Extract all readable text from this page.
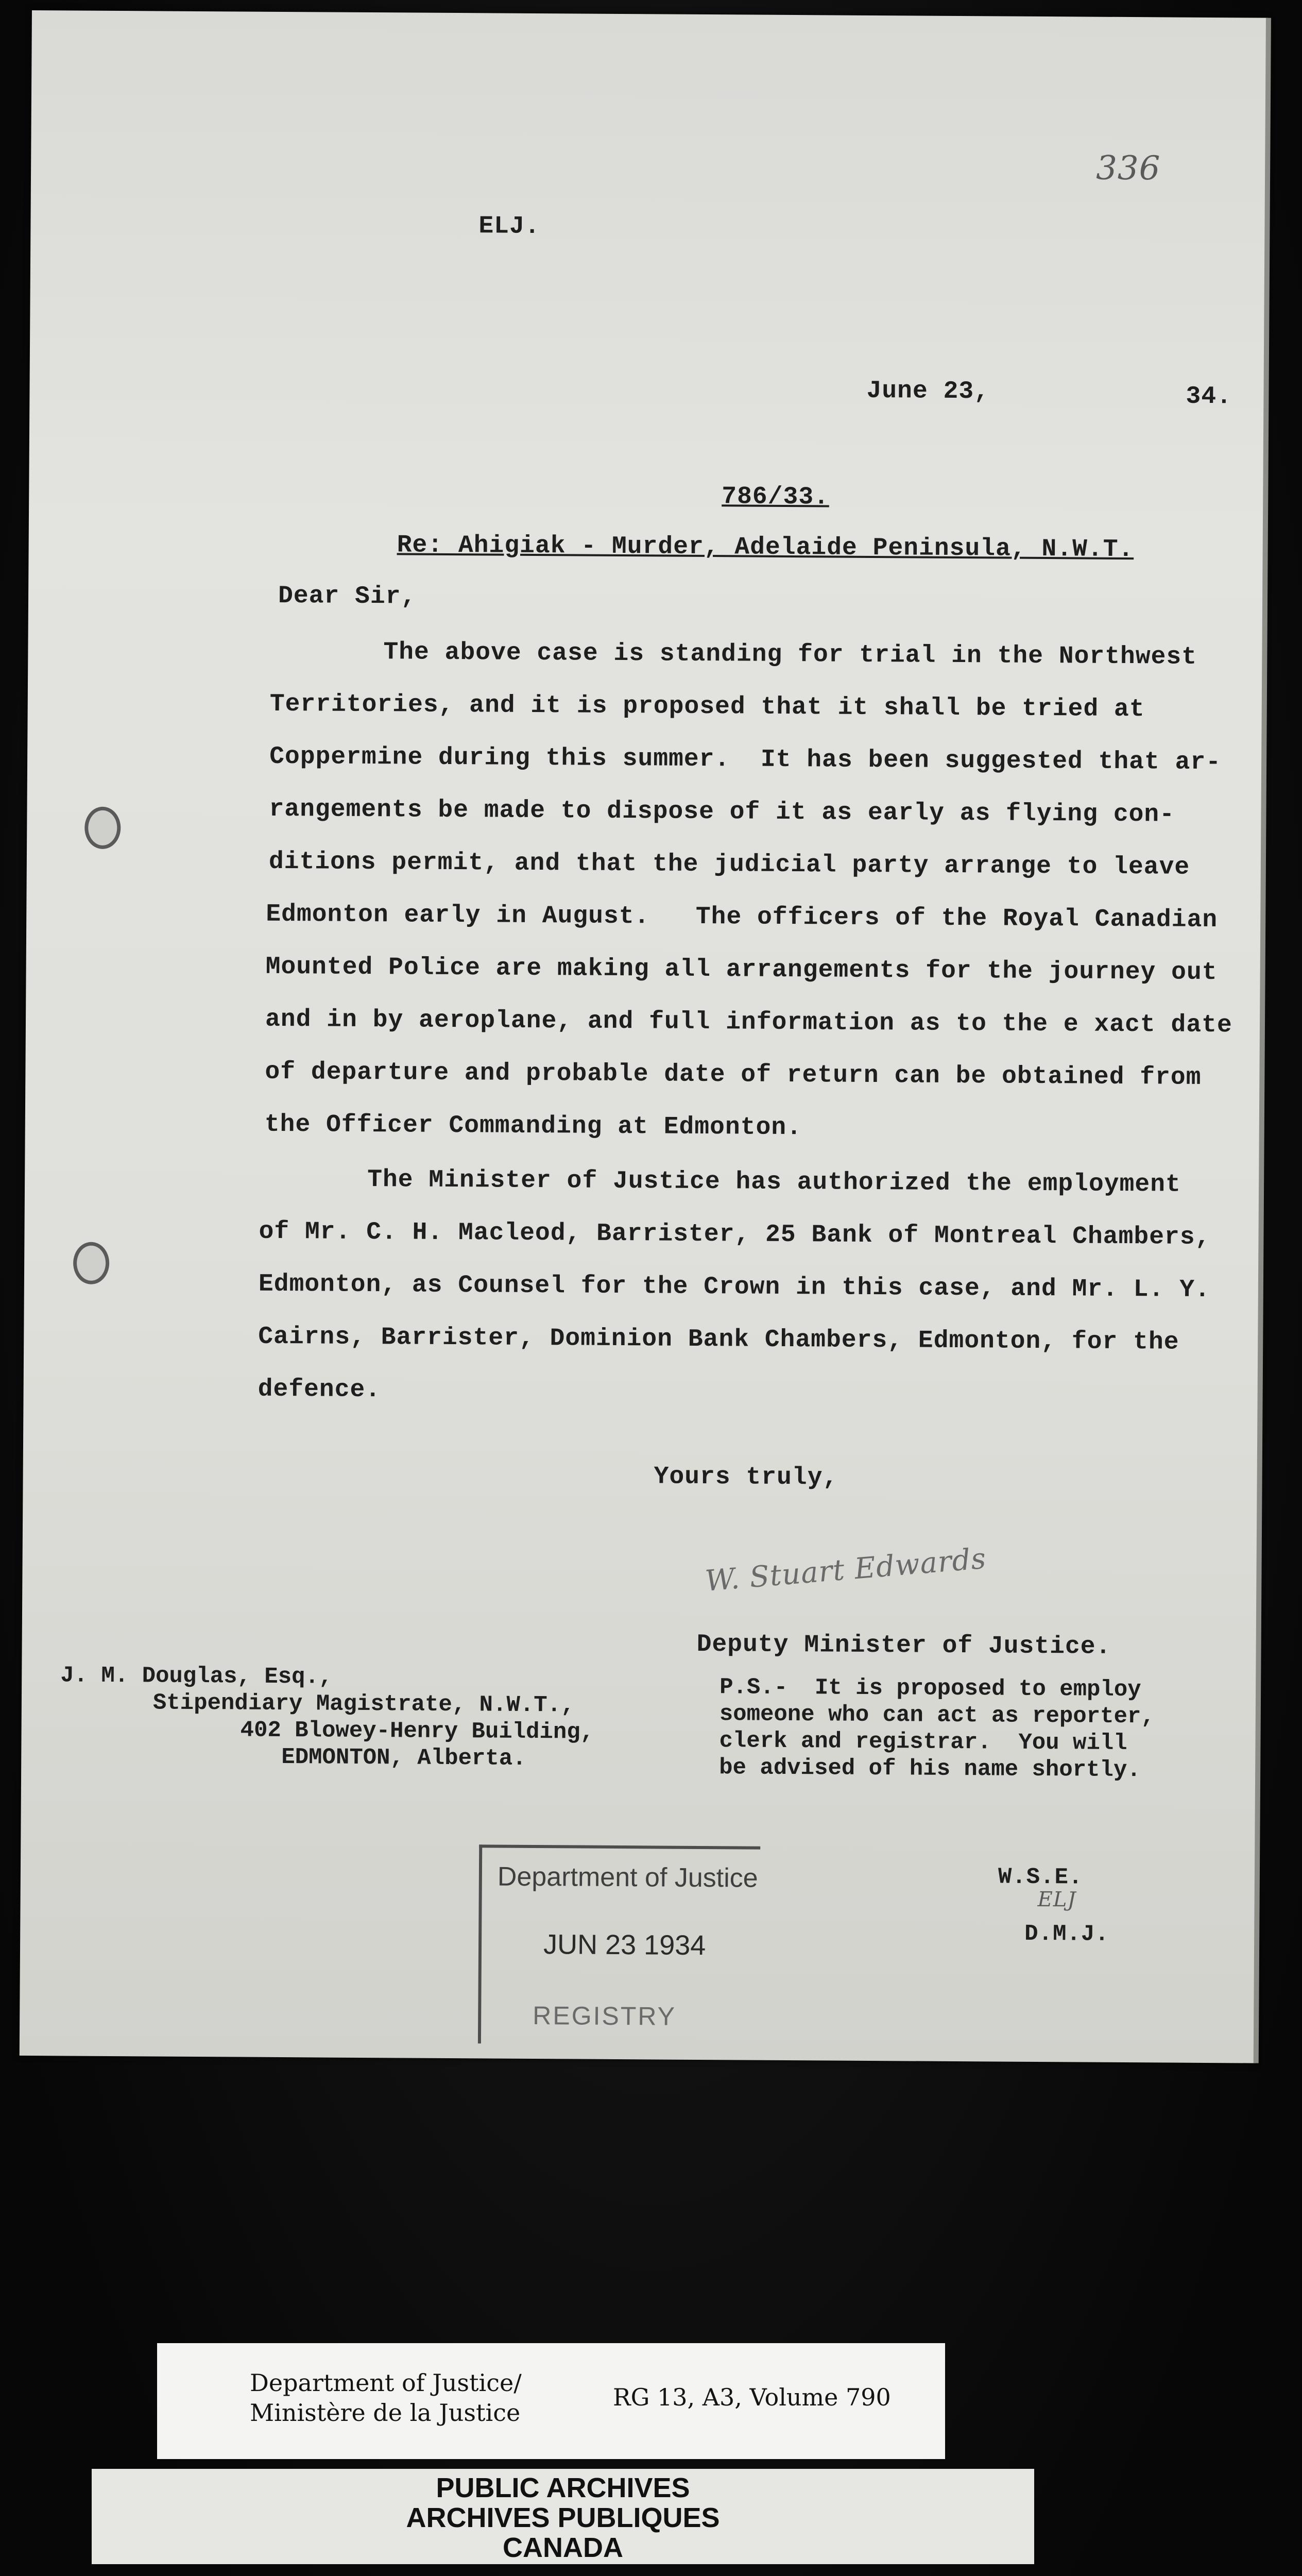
336
ELJ.
June 23,	34.
786/33.
Re: Ahigiak - Murder, Adelaide Peninsula, N.W.T.
Dear Sir,
The above case is standing for trial in the Northwest
Territories, and it is proposed that it shall be tried at
Coppermine during this summer.  It has been suggested that ar-
rangements be made to dispose of it as early as flying con-
ditions permit, and that the judicial party arrange to leave
Edmonton early in August.   The officers of the Royal Canadian
Mounted Police are making all arrangements for the journey out
and in by aeroplane, and full information as to the e xact date
of departure and probable date of return can be obtained from
the Officer Commanding at Edmonton.
The Minister of Justice has authorized the employment
of Mr. C. H. Macleod, Barrister, 25 Bank of Montreal Chambers,
Edmonton, as Counsel for the Crown in this case, and Mr. L. Y.
Cairns, Barrister, Dominion Bank Chambers, Edmonton, for the
defence.
Yours truly,
W. Stuart Edwards
Deputy Minister of Justice.
J. M. Douglas, Esq.,
Stipendiary Magistrate, N.W.T.,
402 Blowey-Henry Building,
EDMONTON, Alberta.
P.S.-  It is proposed to employ
someone who can act as reporter,
clerk and registrar.  You will
be advised of his name shortly.
W.S.E.
ELJ
D.M.J.
Department of Justice
JUN 23 1934
REGISTRY
Department of Justice/
Ministère de la Justice
RG 13, A3, Volume 790
PUBLIC ARCHIVES
ARCHIVES PUBLIQUES
CANADA
